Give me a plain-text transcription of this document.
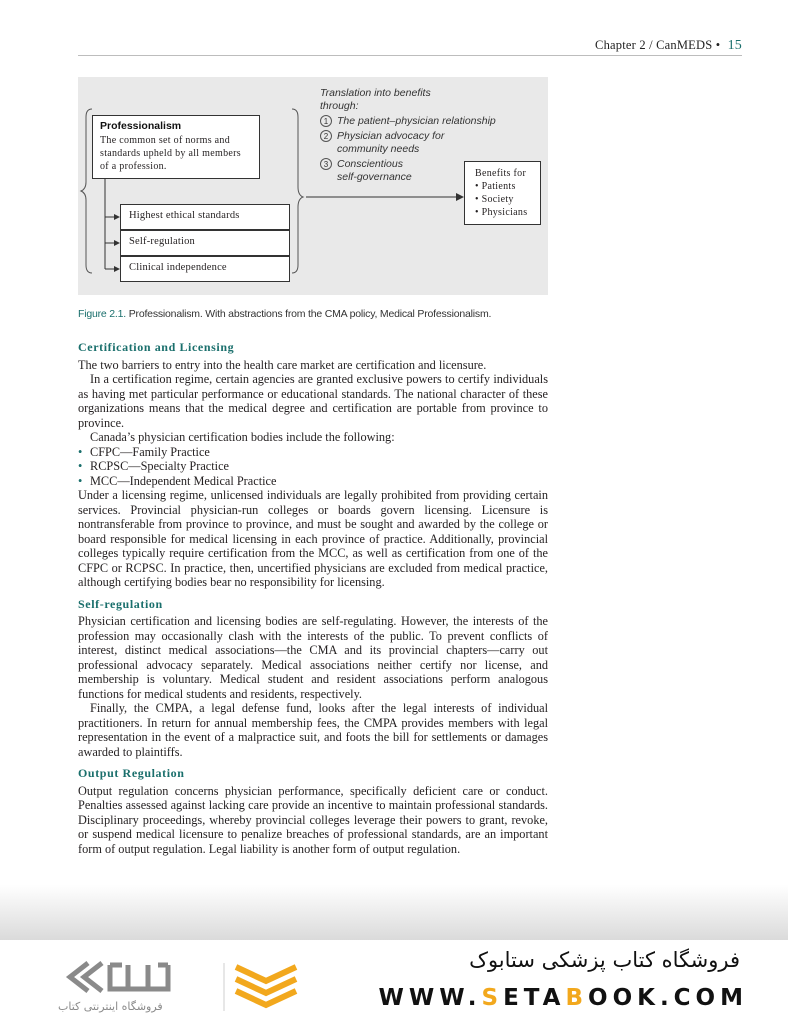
Chapter 2 / CanMEDS • 15
Professionalism
The common set of norms and standards upheld by all members of a profession.
Highest ethical standards
Self-regulation
Clinical independence
Translation into benefits through:
1 The patient–physician relationship
2 Physician advocacy for community needs
3 Conscientious self-governance	Benefits for
• Patients
• Society
• Physicians
Figure 2.1. Professionalism. With abstractions from the CMA policy, Medical Professionalism.
Certification and Licensing

The two barriers to entry into the health care market are certification and licensure.

In a certification regime, certain agencies are granted exclusive powers to certify individuals as having met particular performance or educational standards. The national character of these organizations means that the medical degree and certification are portable from province to province.

Canada’s physician certification bodies include the following:

• CFPC—Family Practice
• RCPSC—Specialty Practice
• MCC—Independent Medical Practice

Under a licensing regime, unlicensed individuals are legally prohibited from providing certain services. Provincial physician-run colleges or boards govern licensing. Licensure is nontransferable from province to province, and must be sought and awarded by the college or board responsible for medical licensing in each province of practice. Additionally, provincial colleges typically require certification from the MCC, as well as certification from one of the CFPC or RCPSC. In practice, then, uncertified physicians are excluded from medical practice, although certifying bodies bear no responsibility for licensing.

Self-regulation

Physician certification and licensing bodies are self-regulating. However, the interests of the profession may occasionally clash with the interests of the public. To prevent conflicts of interest, distinct medical associations—the CMA and its provincial chapters—carry out professional advocacy separately. Medical associations neither certify nor license, and membership is voluntary. Medical student and resident associations perform analogous functions for medical students and residents, respectively.

Finally, the CMPA, a legal defense fund, looks after the legal interests of individual practitioners. In return for annual membership fees, the CMPA provides members with legal representation in the event of a malpractice suit, and foots the bill for settlements or damages awarded to plaintiffs.

Output Regulation

Output regulation concerns physician performance, specifically deficient care or conduct. Penalties assessed against lacking care provide an incentive to maintain professional standards. Disciplinary proceedings, whereby provincial colleges leverage their powers to grant, revoke, or suspend medical licensure to penalize breaches of professional standards, are an important form of output regulation. Legal liability is another form of output regulation.

فروشگاه اینترنتی کتاب
فروشگاه کتاب پزشکی ستابوک
WWW.SETABOOK.COM
